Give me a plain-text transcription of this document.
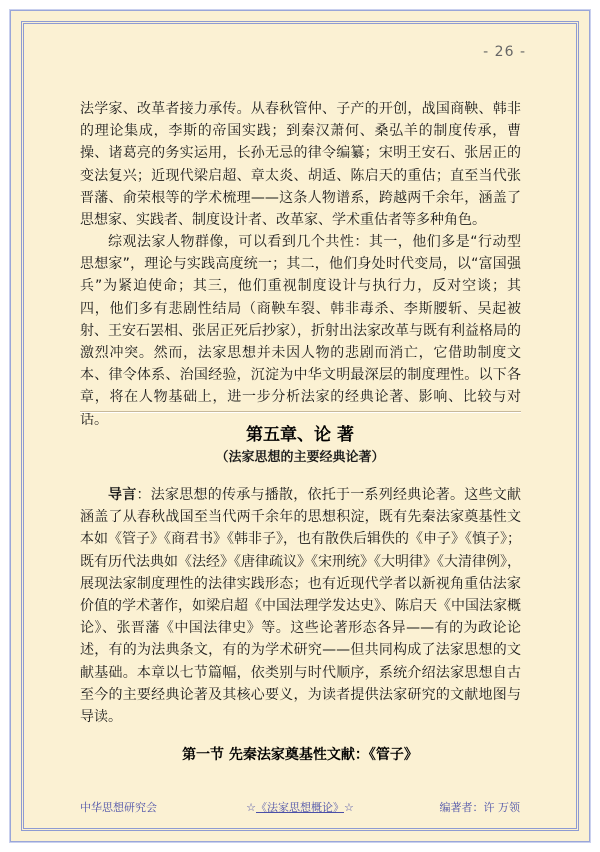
- 26 -

法学家、改革者接力承传。从春秋管仲、子产的开创，战国商鞅、韩非的理论集成，李斯的帝国实践；到秦汉萧何、桑弘羊的制度传承，曹操、诸葛亮的务实运用，长孙无忌的律令编纂；宋明王安石、张居正的变法复兴；近现代梁启超、章太炎、胡适、陈启天的重估；直至当代张晋藩、俞荣根等的学术梳理——这条人物谱系，跨越两千余年，涵盖了思想家、实践者、制度设计者、改革家、学术重估者等多种角色。

综观法家人物群像，可以看到几个共性：其一，他们多是“行动型思想家”，理论与实践高度统一；其二，他们身处时代变局，以“富国强兵”为紧迫使命；其三，他们重视制度设计与执行力，反对空谈；其四，他们多有悲剧性结局（商鞅车裂、韩非毒杀、李斯腰斩、吴起被射、王安石罢相、张居正死后抄家），折射出法家改革与既有利益格局的激烈冲突。然而，法家思想并未因人物的悲剧而消亡，它借助制度文本、律令体系、治国经验，沉淀为中华文明最深层的制度理性。以下各章，将在人物基础上，进一步分析法家的经典论著、影响、比较与对话。

第五章、论 著
（法家思想的主要经典论著）

导言：法家思想的传承与播散，依托于一系列经典论著。这些文献涵盖了从春秋战国至当代两千余年的思想积淀，既有先秦法家奠基性文本如《管子》《商君书》《韩非子》，也有散佚后辑佚的《申子》《慎子》；既有历代法典如《法经》《唐律疏议》《宋刑统》《大明律》《大清律例》，展现法家制度理性的法律实践形态；也有近现代学者以新视角重估法家价值的学术著作，如梁启超《中国法理学发达史》、陈启天《中国法家概论》、张晋藩《中国法律史》等。这些论著形态各异——有的为政论论述，有的为法典条文，有的为学术研究——但共同构成了法家思想的文献基础。本章以七节篇幅，依类别与时代顺序，系统介绍法家思想自古至今的主要经典论著及其核心要义，为读者提供法家研究的文献地图与导读。

第一节 先秦法家奠基性文献：《管子》
中华思想研究会	☆《法家思想概论》☆	编著者：许 万领
